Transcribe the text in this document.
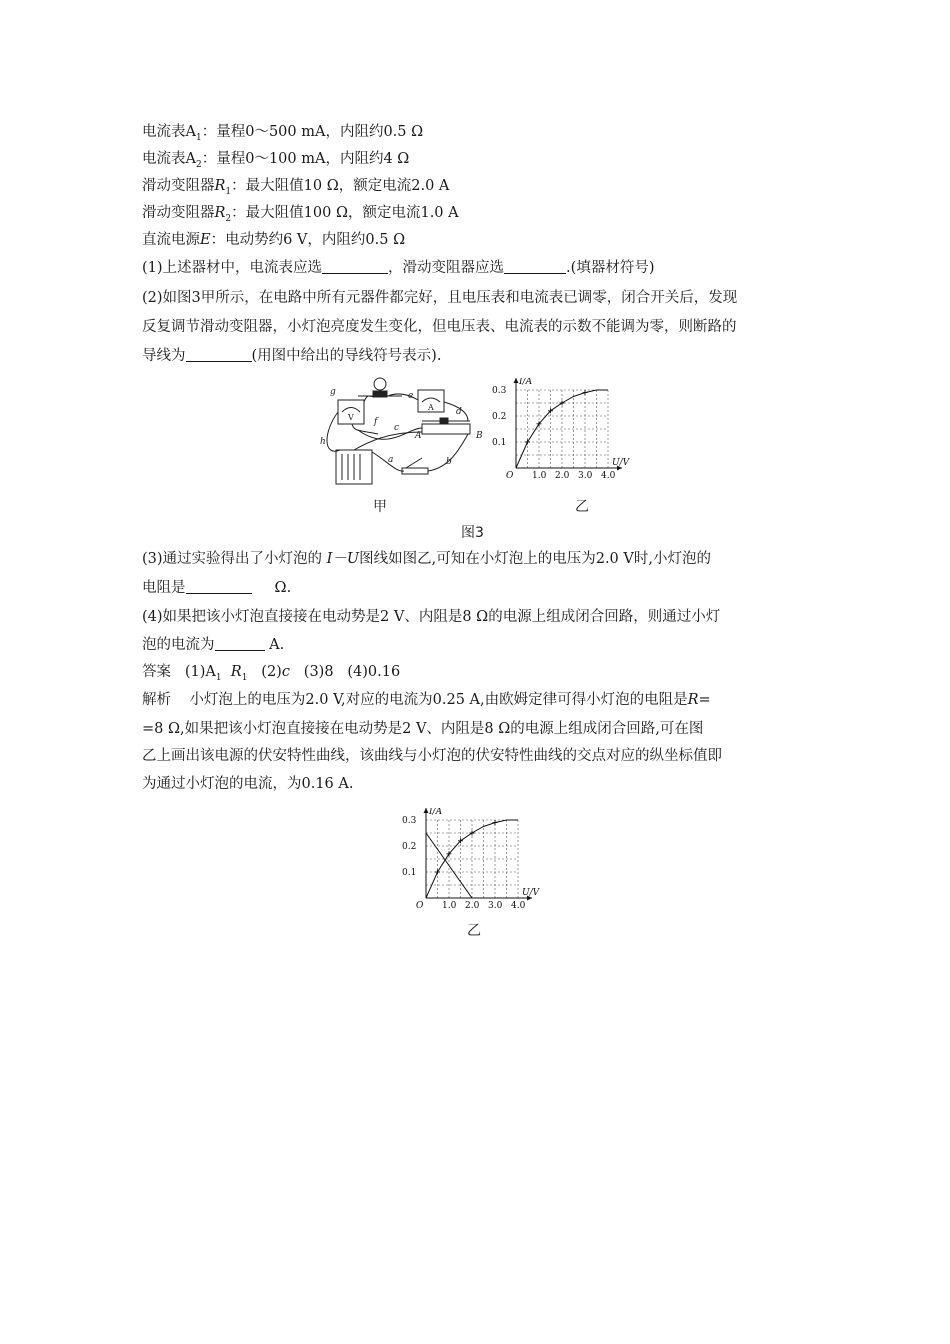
电流表$A_1$：量程0～500 mA，内阻约0.5 Ω
电流表$A_2$：量程0～100 mA，内阻约4 Ω
滑动变阻器$R_1$：最大阻值10 Ω，额定电流2.0 A
滑动变阻器$R_2$：最大阻值100 Ω，额定电流1.0 A
直流电源E：电动势约6 V，内阻约0.5 Ω
(1)上述器材中，电流表应选	，滑动变阻器应选	.(填器材符号)
(2)如图3甲所示，在电路中所有元器件都完好，且电压表和电流表已调零，闭合开关后，发现
反复调节滑动变阻器，小灯泡亮度发生变化，但电压表、电流表的示数不能调为零，则断路的
导线为	(用图中给出的导线符号表示).
g	e
f
d
c
A	B
h
a	b
V
A
甲
1.0 2.0 3.0 4.0
0.1
0.2
0.3
O
U/V
I/A
乙
图3
(3)通过实验得出了小灯泡的 I－U图线如图乙,可知在小灯泡上的电压为2.0 V时,小灯泡的
电阻是	Ω.
(4)如果把该小灯泡直接接在电动势是2 V、内阻是8 Ω的电源上组成闭合回路，则通过小灯
泡的电流为	A.
答案 $(1)A_1$ $R_1$ (2)c (3)8 (4)0.16
解析 小灯泡上的电压为2.0 V,对应的电流为0.25 A,由欧姆定律可得小灯泡的电阻是R=
=8 Ω,如果把该小灯泡直接接在电动势是2 V、内阻是8 Ω的电源上组成闭合回路,可在图
乙上画出该电源的伏安特性曲线，该曲线与小灯泡的伏安特性曲线的交点对应的纵坐标值即
为通过小灯泡的电流，为0.16 A.
1.0 2.0 3.0 4.0
0.1
0.2
0.3
O
U/V
I/A
乙
